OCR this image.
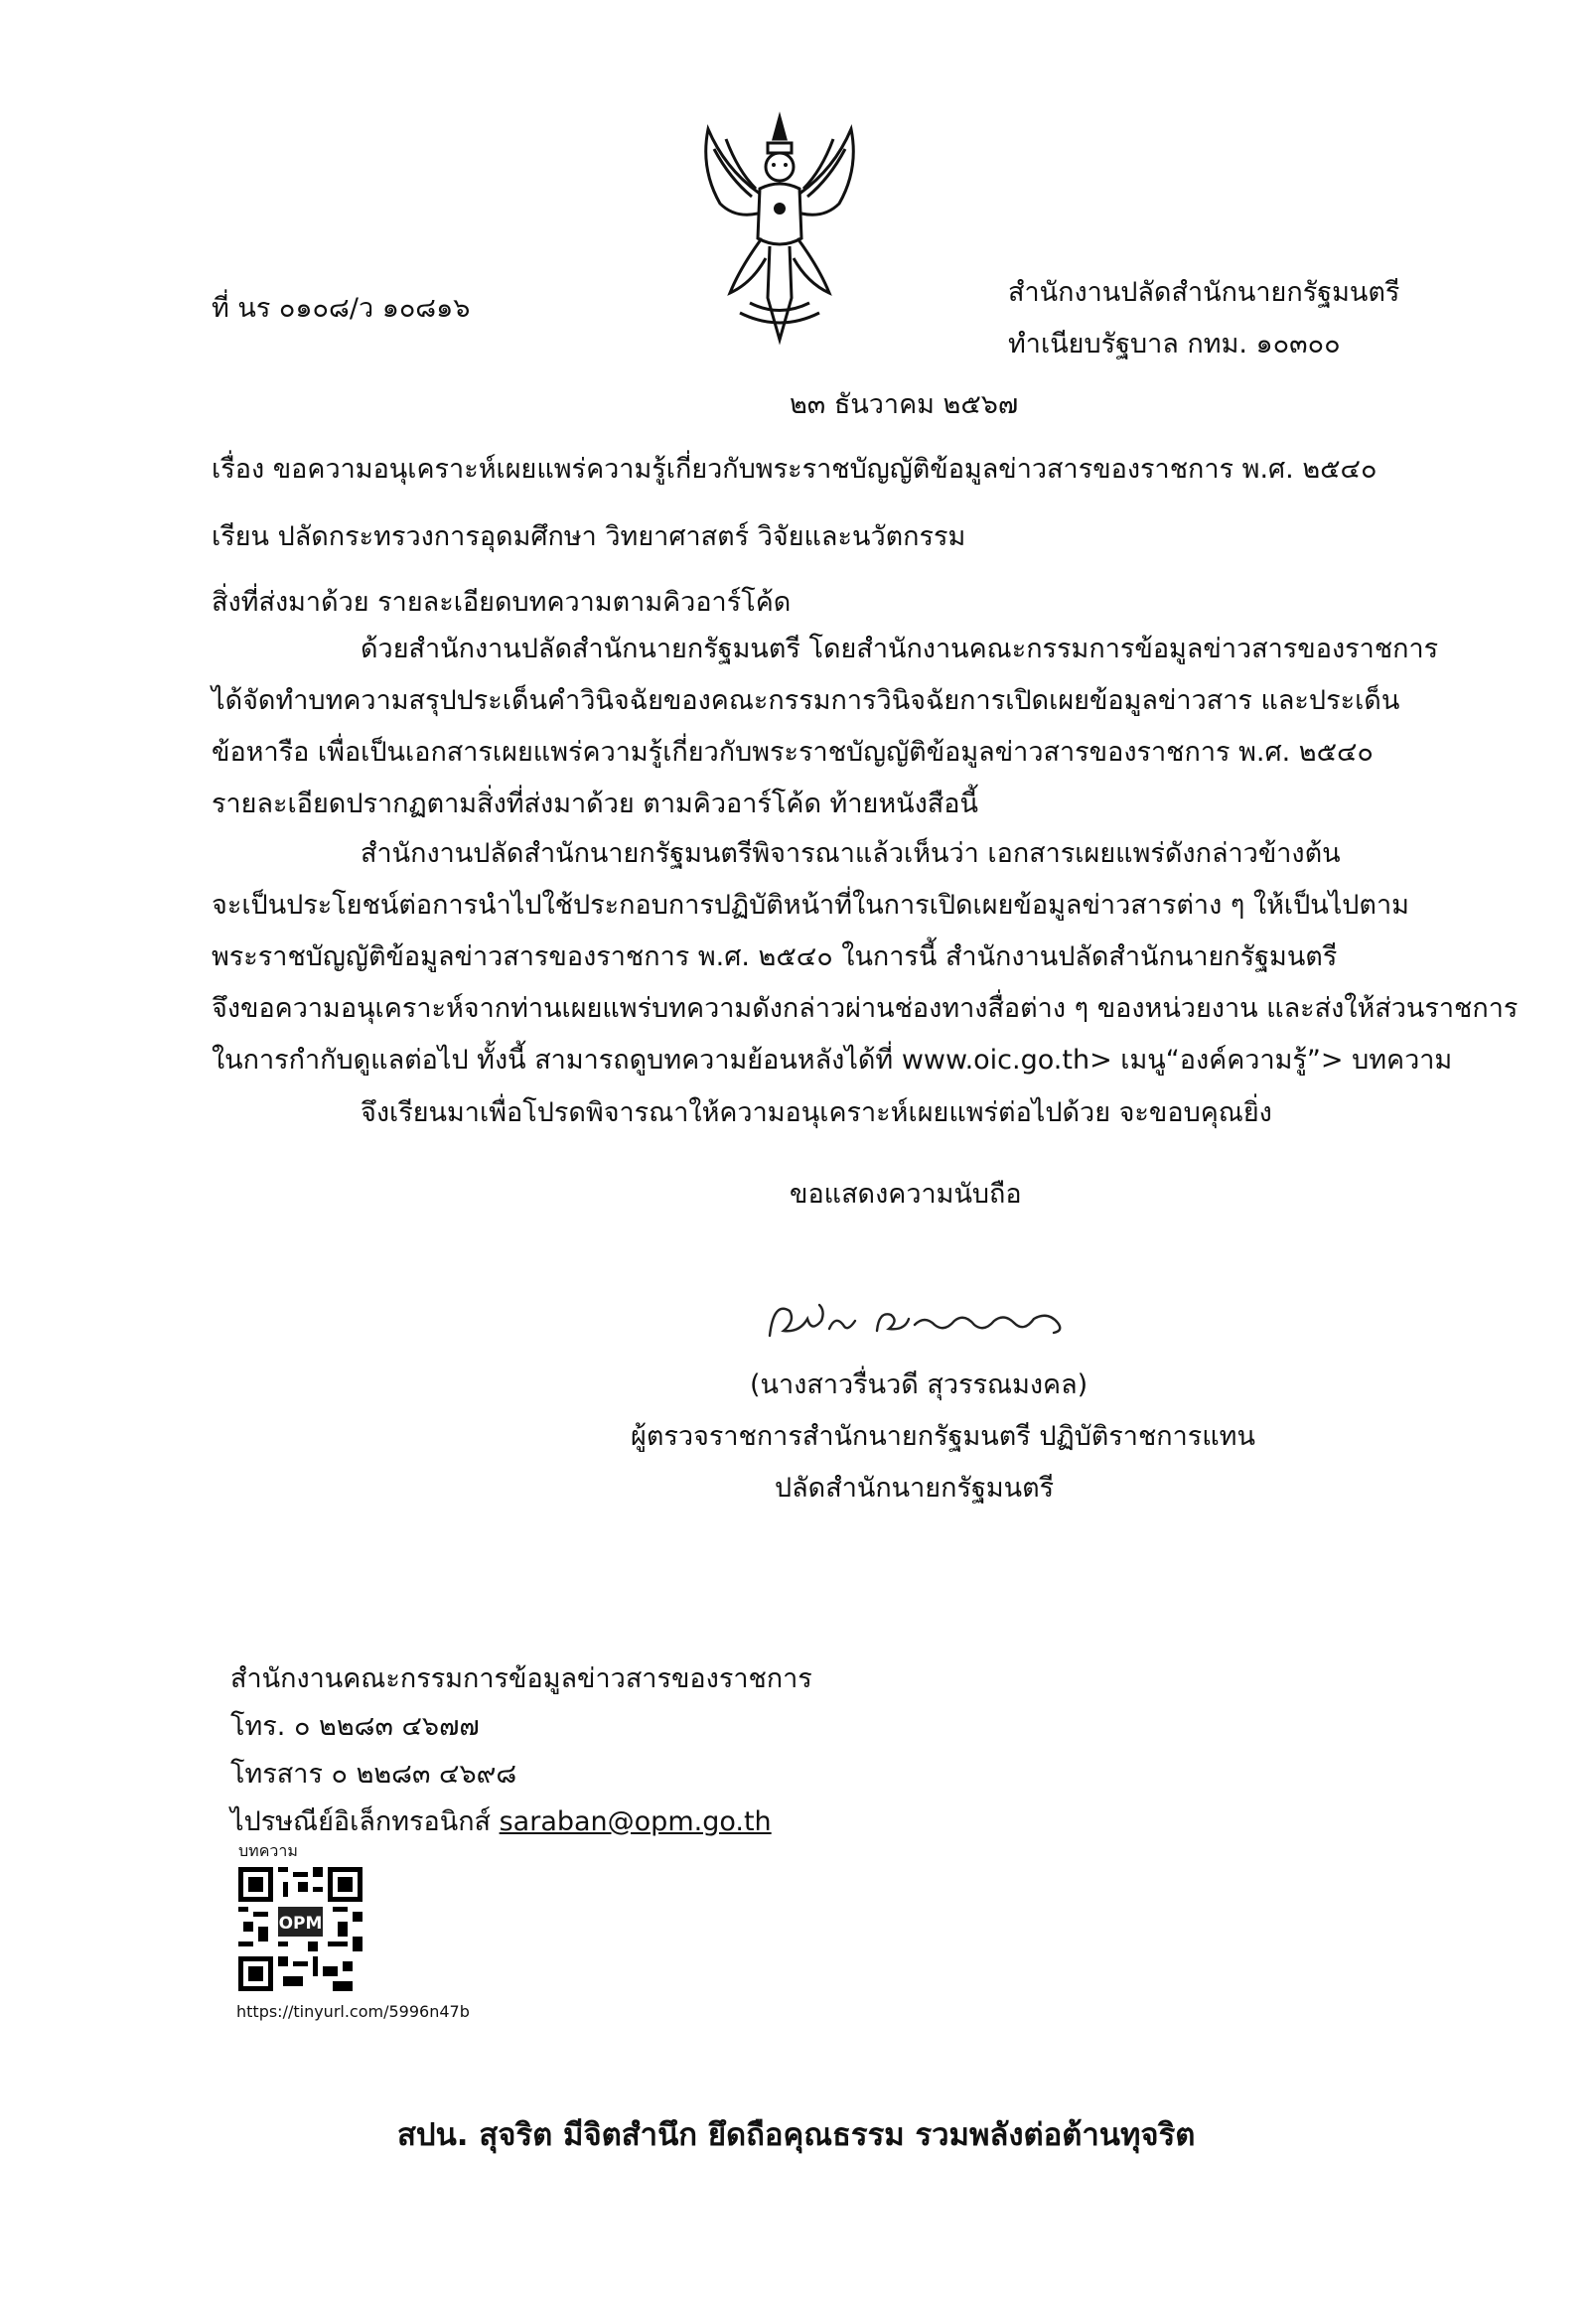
ที่ นร ๐๑๐๘/ว ๑๐๘๑๖
สำนักงานปลัดสำนักนายกรัฐมนตรี
ทำเนียบรัฐบาล กทม. ๑๐๓๐๐
๒๓ ธันวาคม ๒๕๖๗
เรื่อง ขอความอนุเคราะห์เผยแพร่ความรู้เกี่ยวกับพระราชบัญญัติข้อมูลข่าวสารของราชการ พ.ศ. ๒๕๔๐
เรียน ปลัดกระทรวงการอุดมศึกษา วิทยาศาสตร์ วิจัยและนวัตกรรม
สิ่งที่ส่งมาด้วย รายละเอียดบทความตามคิวอาร์โค้ด
ด้วยสำนักงานปลัดสำนักนายกรัฐมนตรี โดยสำนักงานคณะกรรมการข้อมูลข่าวสารของราชการ
ได้จัดทำบทความสรุปประเด็นคำวินิจฉัยของคณะกรรมการวินิจฉัยการเปิดเผยข้อมูลข่าวสาร และประเด็น
ข้อหารือ เพื่อเป็นเอกสารเผยแพร่ความรู้เกี่ยวกับพระราชบัญญัติข้อมูลข่าวสารของราชการ พ.ศ. ๒๕๔๐
รายละเอียดปรากฏตามสิ่งที่ส่งมาด้วย ตามคิวอาร์โค้ด ท้ายหนังสือนี้
สำนักงานปลัดสำนักนายกรัฐมนตรีพิจารณาแล้วเห็นว่า เอกสารเผยแพร่ดังกล่าวข้างต้น
จะเป็นประโยชน์ต่อการนำไปใช้ประกอบการปฏิบัติหน้าที่ในการเปิดเผยข้อมูลข่าวสารต่าง ๆ ให้เป็นไปตาม
พระราชบัญญัติข้อมูลข่าวสารของราชการ พ.ศ. ๒๕๔๐ ในการนี้ สำนักงานปลัดสำนักนายกรัฐมนตรี
จึงขอความอนุเคราะห์จากท่านเผยแพร่บทความดังกล่าวผ่านช่องทางสื่อต่าง ๆ ของหน่วยงาน และส่งให้ส่วนราชการ
ในการกำกับดูแลต่อไป ทั้งนี้ สามารถดูบทความย้อนหลังได้ที่ www.oic.go.th> เมนู“องค์ความรู้”> บทความ
จึงเรียนมาเพื่อโปรดพิจารณาให้ความอนุเคราะห์เผยแพร่ต่อไปด้วย จะขอบคุณยิ่ง
ขอแสดงความนับถือ
(นางสาวรื่นวดี สุวรรณมงคล)
ผู้ตรวจราชการสำนักนายกรัฐมนตรี ปฏิบัติราชการแทน
ปลัดสำนักนายกรัฐมนตรี
สำนักงานคณะกรรมการข้อมูลข่าวสารของราชการ
โทร. ๐ ๒๒๘๓ ๔๖๗๗
โทรสาร ๐ ๒๒๘๓ ๔๖๙๘
ไปรษณีย์อิเล็กทรอนิกส์ saraban@opm.go.th
บทความ
OPM
https://tinyurl.com/5996n47b
สปน. สุจริต มีจิตสำนึก ยึดถือคุณธรรม รวมพลังต่อต้านทุจริต
